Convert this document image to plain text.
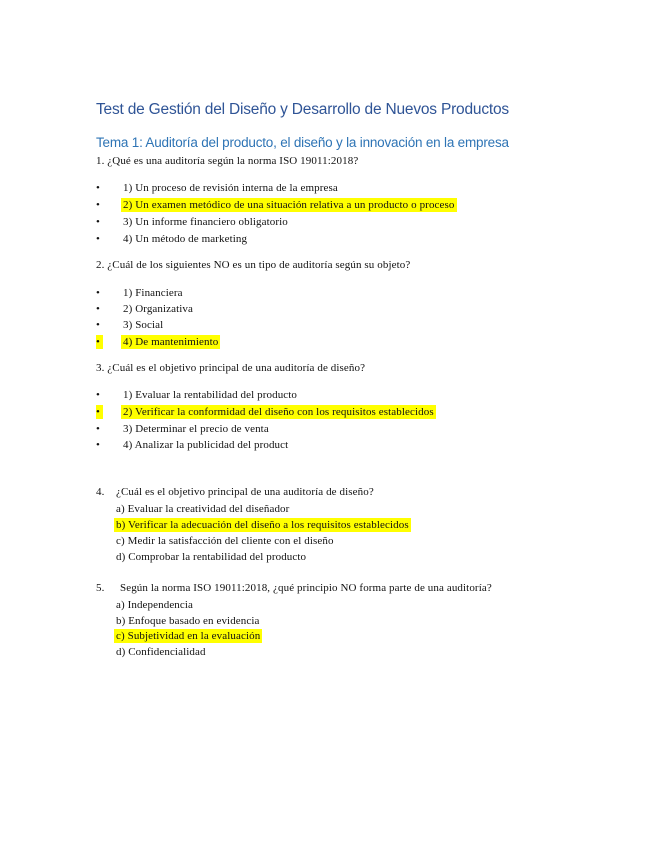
Test de Gestión del Diseño y Desarrollo de Nuevos Productos
Tema 1: Auditoría del producto, el diseño y la innovación en la empresa
1. ¿Qué es una auditoría según la norma ISO 19011:2018?
• 1) Un proceso de revisión interna de la empresa
• 2) Un examen metódico de una situación relativa a un producto o proceso
• 3) Un informe financiero obligatorio
• 4) Un método de marketing
2. ¿Cuál de los siguientes NO es un tipo de auditoría según su objeto?
• 1) Financiera
• 2) Organizativa
• 3) Social
• 4) De mantenimiento
3. ¿Cuál es el objetivo principal de una auditoría de diseño?
• 1) Evaluar la rentabilidad del producto
• 2) Verificar la conformidad del diseño con los requisitos establecidos
• 3) Determinar el precio de venta
• 4) Analizar la publicidad del product
4. ¿Cuál es el objetivo principal de una auditoría de diseño?
a) Evaluar la creatividad del diseñador
b) Verificar la adecuación del diseño a los requisitos establecidos
c) Medir la satisfacción del cliente con el diseño
d) Comprobar la rentabilidad del producto
5. Según la norma ISO 19011:2018, ¿qué principio NO forma parte de una auditoría?
a) Independencia
b) Enfoque basado en evidencia
c) Subjetividad en la evaluación
d) Confidencialidad
